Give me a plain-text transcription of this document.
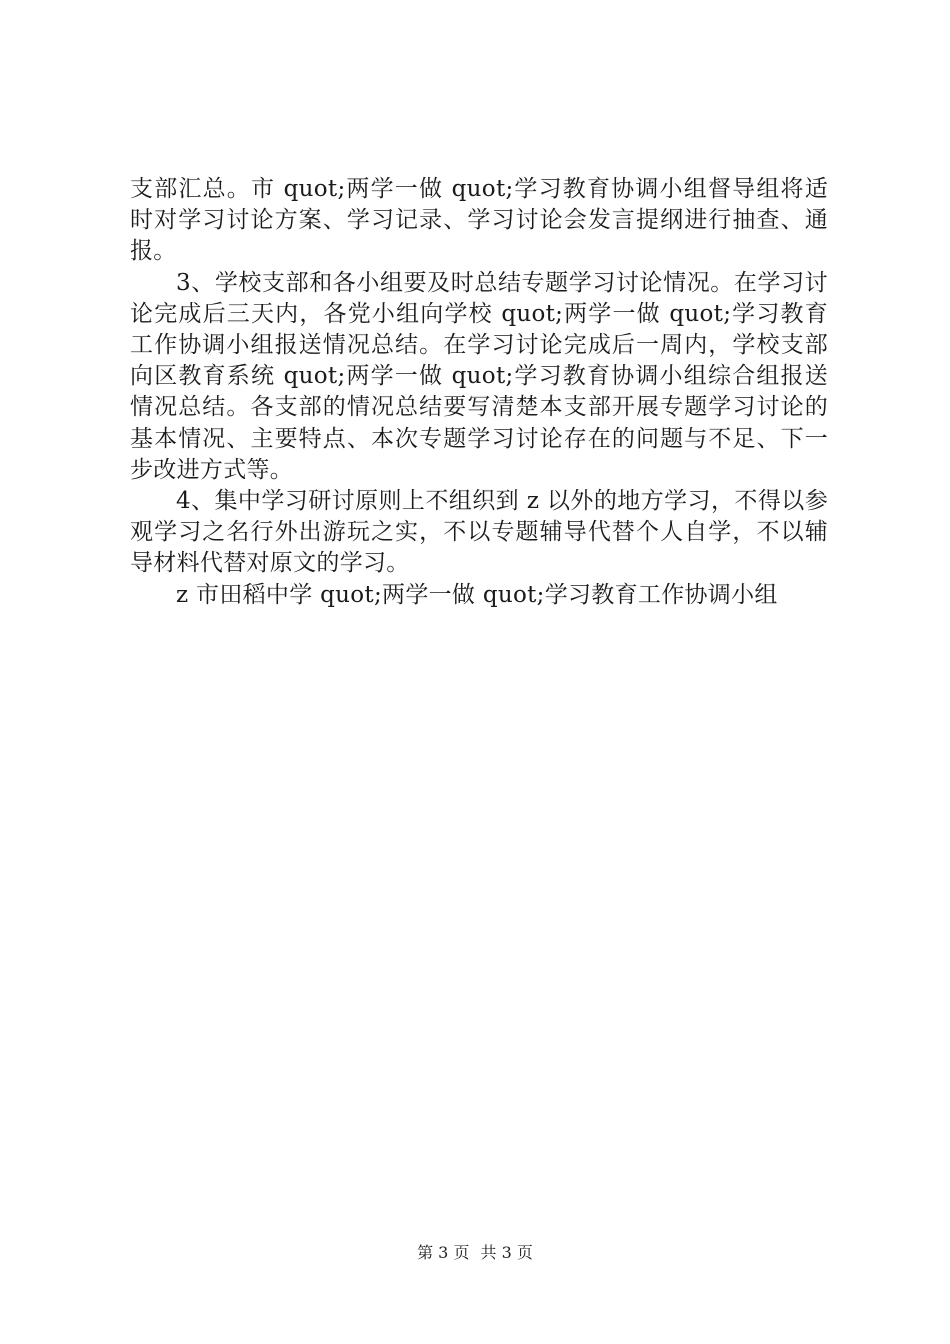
支部汇总。市 quot;两学一做 quot;学习教育协调小组督导组将适时对学习讨论方案、学习记录、学习讨论会发言提纲进行抽查、通报。

3、学校支部和各小组要及时总结专题学习讨论情况。在学习讨论完成后三天内，各党小组向学校 quot;两学一做 quot;学习教育工作协调小组报送情况总结。在学习讨论完成后一周内，学校支部向区教育系统 quot;两学一做 quot;学习教育协调小组综合组报送情况总结。各支部的情况总结要写清楚本支部开展专题学习讨论的基本情况、主要特点、本次专题学习讨论存在的问题与不足、下一步改进方式等。

4、集中学习研讨原则上不组织到 z 以外的地方学习，不得以参观学习之名行外出游玩之实，不以专题辅导代替个人自学，不以辅导材料代替对原文的学习。

z 市田稻中学 quot;两学一做 quot;学习教育工作协调小组

第 3 页 共 3 页
